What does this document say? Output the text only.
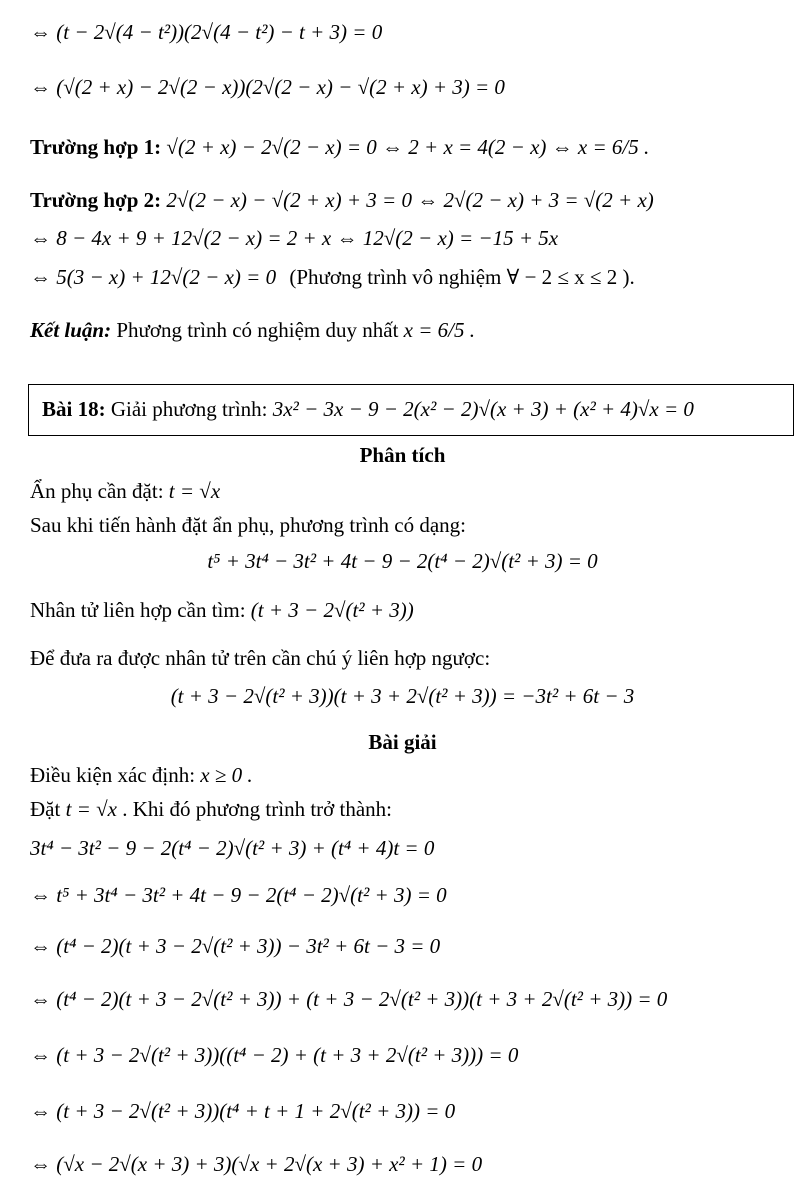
⇔ (t − 2√(4 − t²))(2√(4 − t²) − t + 3) = 0
⇔ (√(2 + x) − 2√(2 − x))(2√(2 − x) − √(2 + x) + 3) = 0
Trường hợp 1: √(2 + x) − 2√(2 − x) = 0 ⇔ 2 + x = 4(2 − x) ⇔ x = 6/5 .
Trường hợp 2: 2√(2 − x) − √(2 + x) + 3 = 0 ⇔ 2√(2 − x) + 3 = √(2 + x)
⇔ 8 − 4x + 9 + 12√(2 − x) = 2 + x ⇔ 12√(2 − x) = −15 + 5x
⇔ 5(3 − x) + 12√(2 − x) = 0 (Phương trình vô nghiệm ∀ − 2 ≤ x ≤ 2 ).
Kết luận: Phương trình có nghiệm duy nhất x = 6/5 .
Bài 18: Giải phương trình: 3x² − 3x − 9 − 2(x² − 2)√(x + 3) + (x² + 4)√x = 0
Phân tích
Ẩn phụ cần đặt: t = √x
Sau khi tiến hành đặt ẩn phụ, phương trình có dạng:
t⁵ + 3t⁴ − 3t² + 4t − 9 − 2(t⁴ − 2)√(t² + 3) = 0
Nhân tử liên hợp cần tìm: (t + 3 − 2√(t² + 3))
Để đưa ra được nhân tử trên cần chú ý liên hợp ngược:
(t + 3 − 2√(t² + 3))(t + 3 + 2√(t² + 3)) = −3t² + 6t − 3
Bài giải
Điều kiện xác định: x ≥ 0 .
Đặt t = √x . Khi đó phương trình trở thành:
3t⁴ − 3t² − 9 − 2(t⁴ − 2)√(t² + 3) + (t⁴ + 4)t = 0
⇔ t⁵ + 3t⁴ − 3t² + 4t − 9 − 2(t⁴ − 2)√(t² + 3) = 0
⇔ (t⁴ − 2)(t + 3 − 2√(t² + 3)) − 3t² + 6t − 3 = 0
⇔ (t⁴ − 2)(t + 3 − 2√(t² + 3)) + (t + 3 − 2√(t² + 3))(t + 3 + 2√(t² + 3)) = 0
⇔ (t + 3 − 2√(t² + 3))((t⁴ − 2) + (t + 3 + 2√(t² + 3))) = 0
⇔ (t + 3 − 2√(t² + 3))(t⁴ + t + 1 + 2√(t² + 3)) = 0
⇔ (√x − 2√(x + 3) + 3)(√x + 2√(x + 3) + x² + 1) = 0
